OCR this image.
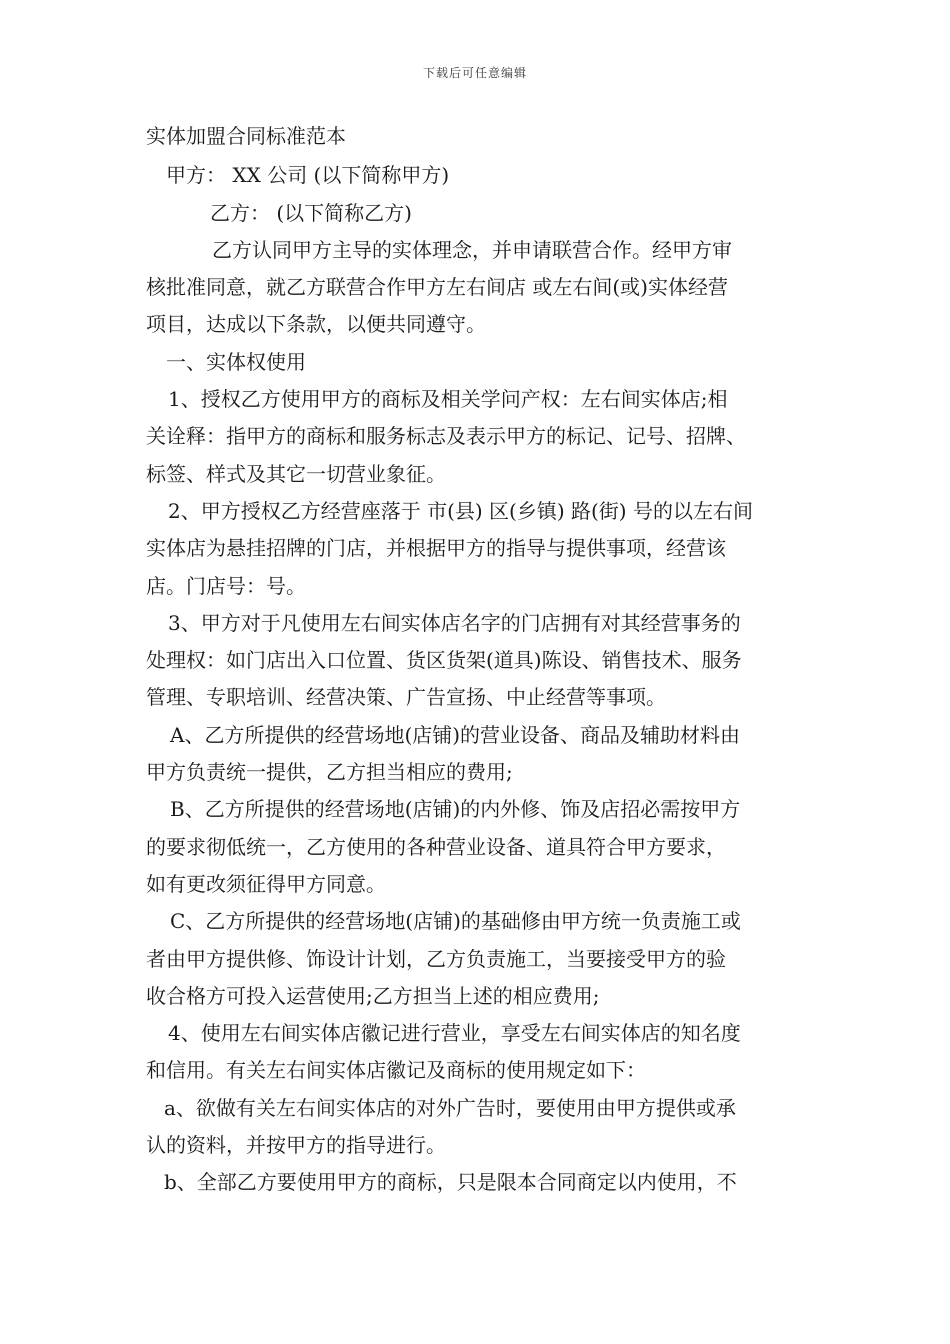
下载后可任意编辑
实体加盟合同标准范本
甲方： XX 公司 (以下简称甲方)
乙方： (以下简称乙方)
乙方认同甲方主导的实体理念，并申请联营合作。经甲方审
核批准同意，就乙方联营合作甲方左右间店 或左右间(或)实体经营
项目，达成以下条款，以便共同遵守。
一、实体权使用
1、授权乙方使用甲方的商标及相关学问产权：左右间实体店;相
关诠释：指甲方的商标和服务标志及表示甲方的标记、记号、招牌、
标签、样式及其它一切营业象征。
2、甲方授权乙方经营座落于 市(县) 区(乡镇) 路(街) 号的以左右间
实体店为悬挂招牌的门店，并根据甲方的指导与提供事项，经营该
店。门店号：号。
3、甲方对于凡使用左右间实体店名字的门店拥有对其经营事务的
处理权：如门店出入口位置、货区货架(道具)陈设、销售技术、服务
管理、专职培训、经营决策、广告宣扬、中止经营等事项。
A、乙方所提供的经营场地(店铺)的营业设备、商品及辅助材料由
甲方负责统一提供，乙方担当相应的费用;
B、乙方所提供的经营场地(店铺)的内外修、饰及店招必需按甲方
的要求彻低统一，乙方使用的各种营业设备、道具符合甲方要求，
如有更改须征得甲方同意。
C、乙方所提供的经营场地(店铺)的基础修由甲方统一负责施工或
者由甲方提供修、饰设计计划，乙方负责施工，当要接受甲方的验
收合格方可投入运营使用;乙方担当上述的相应费用;
4、使用左右间实体店徽记进行营业，享受左右间实体店的知名度
和信用。有关左右间实体店徽记及商标的使用规定如下：
a、欲做有关左右间实体店的对外广告时，要使用由甲方提供或承
认的资料，并按甲方的指导进行。
b、全部乙方要使用甲方的商标，只是限本合同商定以内使用，不
